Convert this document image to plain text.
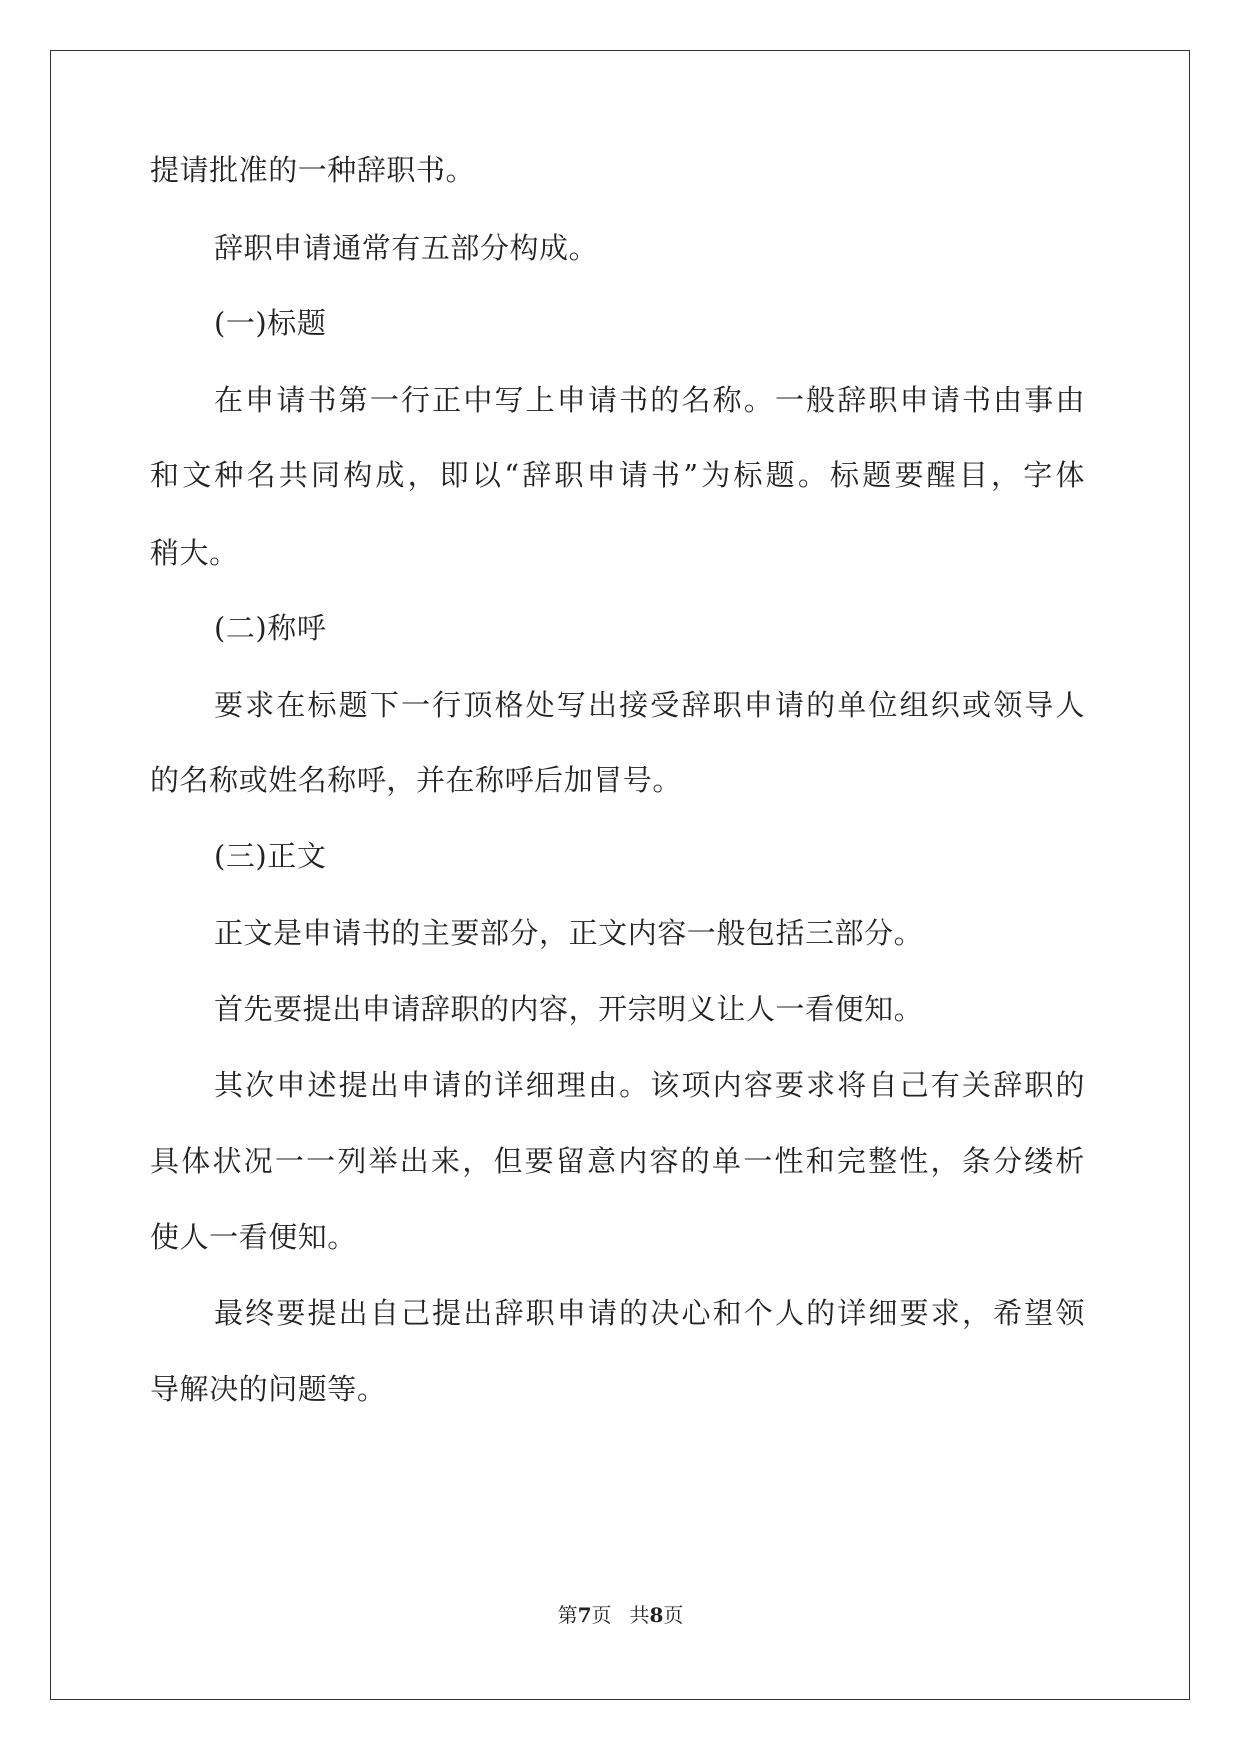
提请批准的一种辞职书。
辞职申请通常有五部分构成。
(一)标题
在申请书第一行正中写上申请书的名称。一般辞职申请书由事由
和文种名共同构成，即以“辞职申请书”为标题。标题要醒目，字体
稍大。
(二)称呼
要求在标题下一行顶格处写出接受辞职申请的单位组织或领导人
的名称或姓名称呼，并在称呼后加冒号。
(三)正文
正文是申请书的主要部分，正文内容一般包括三部分。
首先要提出申请辞职的内容，开宗明义让人一看便知。
其次申述提出申请的详细理由。该项内容要求将自己有关辞职的
具体状况一一列举出来，但要留意内容的单一性和完整性，条分缕析
使人一看便知。
最终要提出自己提出辞职申请的决心和个人的详细要求，希望领
导解决的问题等。
第7页 共8页
